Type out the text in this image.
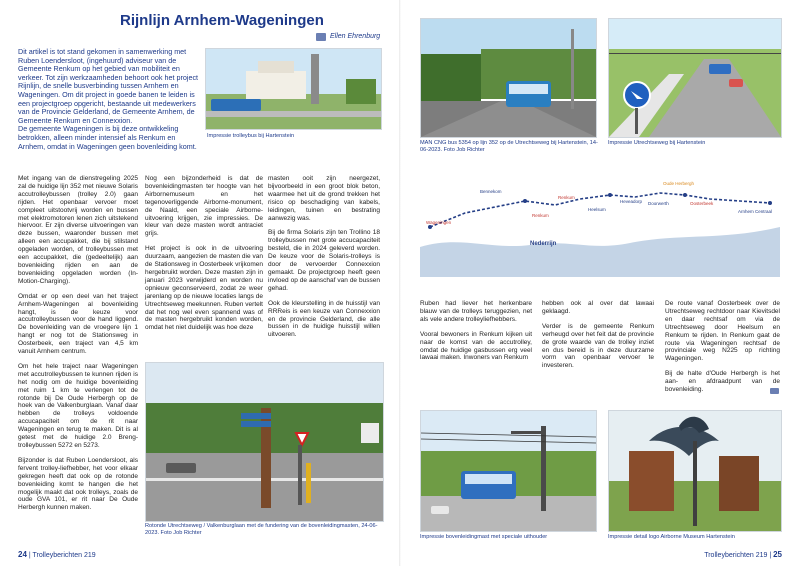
Rijnlijn Arnhem-Wageningen
Ellen Ehrenburg

Dit artikel is tot stand gekomen in samenwerking met Ruben Loendersloot, (ingehuurd) adviseur van de Gemeente Renkum op het gebied van mobiliteit en verkeer. Tot zijn werkzaamheden behoort ook het project Rijnlijn, de snelle busverbinding tussen Arnhem en Wageningen. Om dit project in goede banen te leiden is een projectgroep opgericht, bestaande uit medewerkers van de Provincie Gelderland, de Gemeente Arnhem, de Gemeente Renkum en Connexxion.

De gemeente Wageningen is bij deze ontwikkeling betrokken, alleen minder intensief als Renkum en Arnhem, omdat in Wageningen geen bovenleiding komt.

Impressie trolleybus bij Hartenstein

Met ingang van de dienstregeling 2025 zal de huidige lijn 352 met nieuwe Solaris accutrolleybussen (trolley 2.0) gaan rijden. Het openbaar vervoer moet compleet uitstootvrij worden en bussen met elektromotoren lenen zich uitstekend hiervoor. Er zijn diverse uitvoeringen van deze bussen, waaronder bussen met alleen een accupakket, die bij stilstand opgeladen worden, of trolleybussen met een accupakket, die (gedeeltelijk) aan bovenleiding rijden en aan de bovenleiding opgeladen worden (In-Motion-Charging).

Omdat er op een deel van het traject Arnhem-Wageningen al bovenleiding hangt, is de keuze voor accutrolleybussen voor de hand liggend. De bovenleiding van de vroegere lijn 1 hangt er nog tot de Stationsweg in Oosterbeek, een traject van 4,5 km vanuit Arnhem centrum.

Om het hele traject naar Wageningen met accutrolleybussen te kunnen rijden is het nodig om de huidige bovenleiding met ruim 1 km te verlengen tot de rotonde bij De Oude Herbergh op de hoek van de Valkenburglaan. Vanaf daar hebben de trolleys voldoende accucapaciteit om de rit naar Wageningen en terug te maken. Dit is al getest met de huidige 2.0 Breng-trolleybussen 5272 en 5273.

Bijzonder is dat Ruben Loendersloot, als fervent trolley-liefhebber, het voor elkaar gekregen heeft dat ook op de rotonde bovenleiding komt te hangen die het mogelijk maakt dat ook trolleys, zoals de oude GVA 101, er rit naar De Oude Herbergh kunnen maken.

Nog een bijzonderheid is dat de bovenleidingmasten ter hoogte van het Airbornemuseum en het tegenoverliggende Airborne-monument, de Naald, een speciale Airborne-uitvoering krijgen, zie impressies. De kleur van deze masten wordt antraciet grijs.

Het project is ook in de uitvoering duurzaam, aangezien de masten die van de Stationsweg in Oosterbeek vrijkomen hergebruikt worden. Deze masten zijn in januari 2023 verwijderd en worden nu opnieuw geconserveerd, zodat ze weer jarenlang op de nieuwe locaties langs de Utrechtseweg meekunnen. Ruben vertelt dat het nog wel even spannend was of de masten hergebruikt konden worden, omdat het niet duidelijk was hoe deze

masten ooit zijn neergezet, bijvoorbeeld in een groot blok beton, waarmee het uit de grond trekken het risico op beschadiging van kabels, leidingen, tuinen en bestrating aanwezig was.

Bij de firma Solaris zijn ten Trollino 18 trolleybussen met grote accucapaciteit besteld, die in 2024 geleverd worden. De keuze voor de Solaris-trolleys is door de vervoerder Connexxion gemaakt. De projectgroep heeft geen invloed op de aanschaf van de bussen gehad.

Ook de kleurstelling in de huisstijl van RRReis is een keuze van Connexxion en de provincie Gelderland, die alle bussen in de huidige huisstijl willen uitvoeren.

Rotonde Utrechtseweg / Valkenburglaan met de fundering van de bovenleidingmasten, 24-06-2023. Foto Job Richter
24 | Trolleyberichten 219
MAN CNG bus 5354 op lijn 352 op de Utrechtseweg bij Hartenstein, 14-06-2023. Foto Job Richter
Impressie Utrechtseweg bij Hartenstein
Nederrijn
Wageningen
Renkum
Heelsum
Doorwerth	Oosterbeek
Arnhem Centraal
Bennekom
Renkum
Heveadorp
Oude Herbergh

Ruben had liever het herkenbare blauw van de trolleys teruggezien, net als vele andere trolleyliefhebbers.

Vooral bewoners in Renkum kijken uit naar de komst van de accutrolley, omdat de huidige gasbussen erg veel lawaai maken. Inwoners van Renkum

hebben ook al over dat lawaai geklaagd.

Verder is de gemeente Renkum verheugd over het feit dat de provincie de grote waarde van de trolley inziet en dus bereid is in deze duurzame vorm van openbaar vervoer te investeren.

De route vanaf Oosterbeek over de Utrechtseweg rechtdoor naar Kievitsdel en daar rechtsaf om via de Utrechtseweg door Heelsum en Renkum te rijden. In Renkum gaat de route via Wageningen rechtsaf de provinciale weg N225 op richting Wageningen.

Bij de halte d'Oude Herbergh is het aan- en afdraadpunt van de bovenleiding.

Impressie bovenleidingmast met speciale uithouder	Impressie detail logo Airborne Museum Hartenstein
Trolleyberichten 219 | 25
